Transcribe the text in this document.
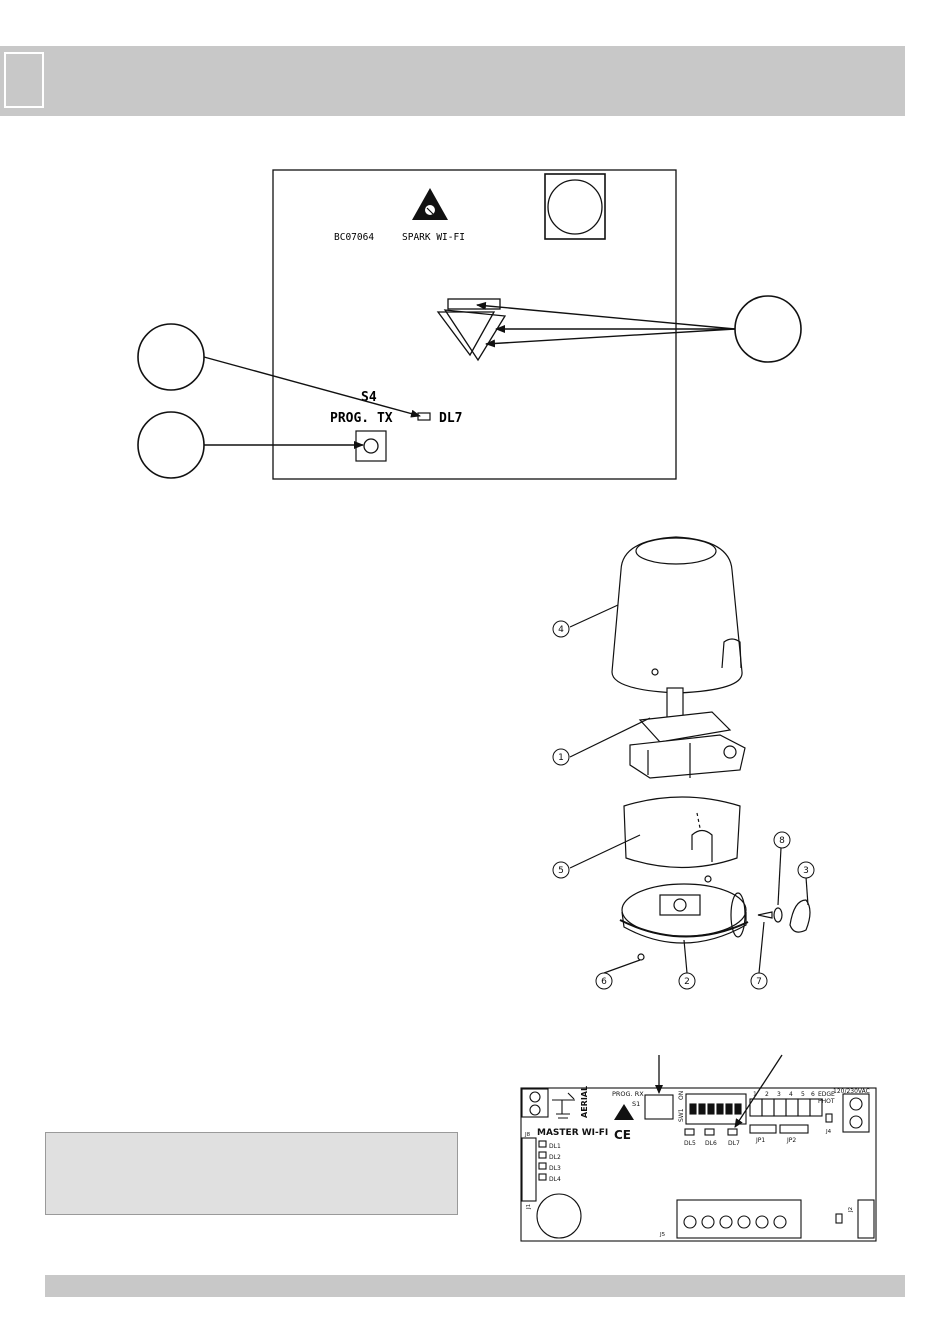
BC07064	SPARK WI-FI
S4
PROG. TX	DL7
4
1
5
8
3
6	2	7
AERIAL	PROG. RX
S1
SW1
ON
MASTER WI-FI CE
DL1
DL2
DL3
DL4
DL5 DL6 DL7
1 2 3 4 5 6 EDGE
PHOT
JP1	JP2
120/230VAC
J8
J1
J4
J5
J2
